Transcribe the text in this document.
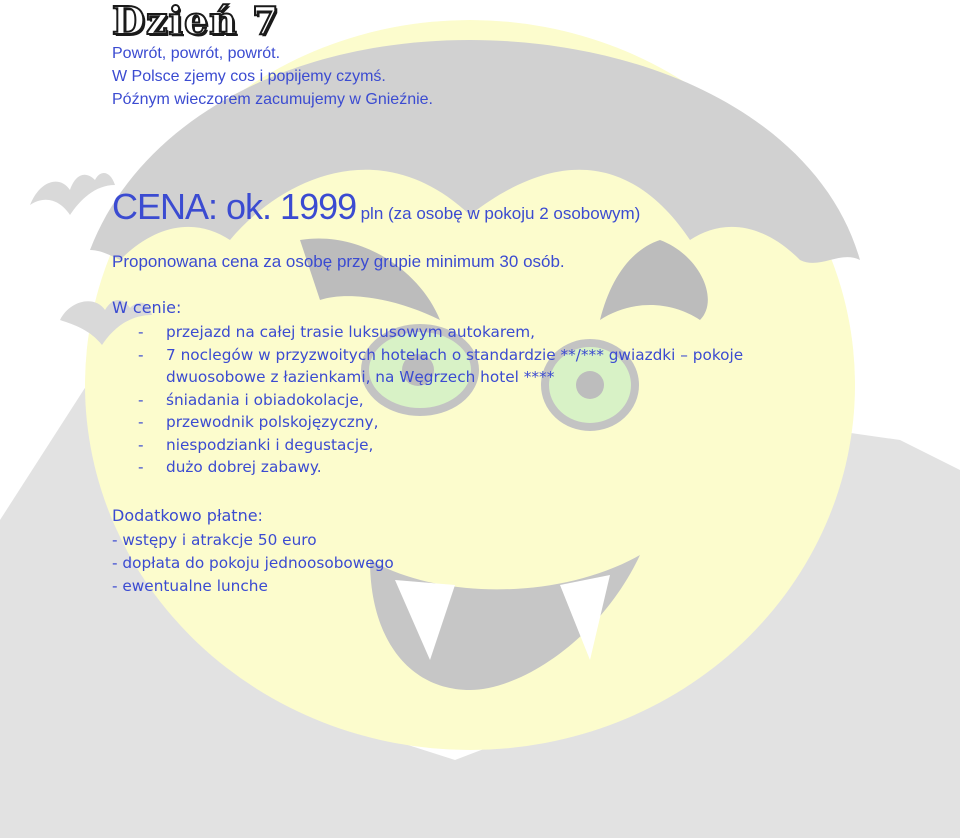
Dzień 7
Powrót, powrót, powrót.
W Polsce zjemy cos i popijemy czymś.
Późnym wieczorem zacumujemy w Gnieźnie.
CENA: ok. 1999 pln (za osobę w pokoju 2 osobowym)
Proponowana cena za osobę przy grupie minimum 30 osób.
W cenie:
- przejazd na całej trasie luksusowym autokarem,
- 7 noclegów w przyzwoitych hotelach o standardzie **/*** gwiazdki – pokoje
dwuosobowe z łazienkami, na Węgrzech hotel ****
- śniadania i obiadokolacje,
- przewodnik polskojęzyczny,
- niespodzianki i degustacje,
- dużo dobrej zabawy.
Dodatkowo płatne:
- wstępy i atrakcje 50 euro
- dopłata do pokoju jednoosobowego
- ewentualne lunche
